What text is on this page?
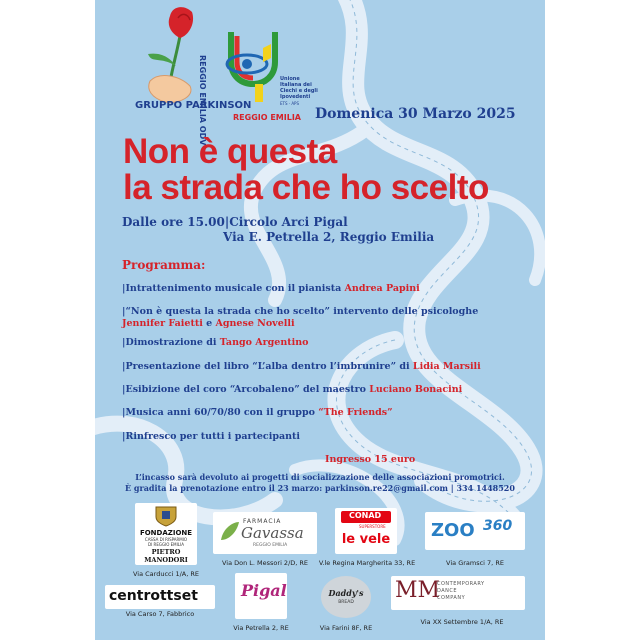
GRUPPO PARKINSON
REGGIO EMILIA ODV	Unione
Italiana dei
Ciechi e degli
Ipovedenti
ETS · APS
REGGIO EMILIA Domenica 30 Marzo 2025
Non è questa
la strada che ho scelto
Dalle ore 15.00|Circolo Arci Pigal
Via E. Petrella 2, Reggio Emilia
Programma:
|Intrattenimento musicale con il pianista Andrea Papini
|“Non è questa la strada che ho scelto” intervento delle psicologhe
Jennifer Faietti e Agnese Novelli
|Dimostrazione di Tango Argentino
|Presentazione del libro “L’alba dentro l’imbrunire” di Lidia Marsili
|Esibizione del coro “Arcobaleno” del maestro Luciano Bonacini
|Musica anni 60/70/80 con il gruppo “The Friends”
|Rinfresco per tutti i partecipanti
Ingresso 15 euro
L’incasso sarà devoluto ai progetti di socializzazione delle associazioni promotrici.
È gradita la prenotazione entro il 23 marzo: parkinson.re22@gmail.com | 334 1448520
FONDAZIONE
CASSA DI RISPARMIO
DI REGGIO EMILIA
PIETRO MANODORI
Via Carducci 1/A, RE
FARMACIA
Gavassa
REGGIO EMILIA
Via Don L. Messori 2/D, RE
CONAD
SUPERSTORE
le vele
V.le Regina Margherita 33, RE
ZOO 360
Via Gramsci 7, RE
centrottset
Via Carso 7, Fabbrico
Pigal
Via Petrella 2, RE
Daddy's
BREAD
Via Farini 8F, RE
MM
CONTEMPORARY
DANCE
COMPANY
Via XX Settembre 1/A, RE
